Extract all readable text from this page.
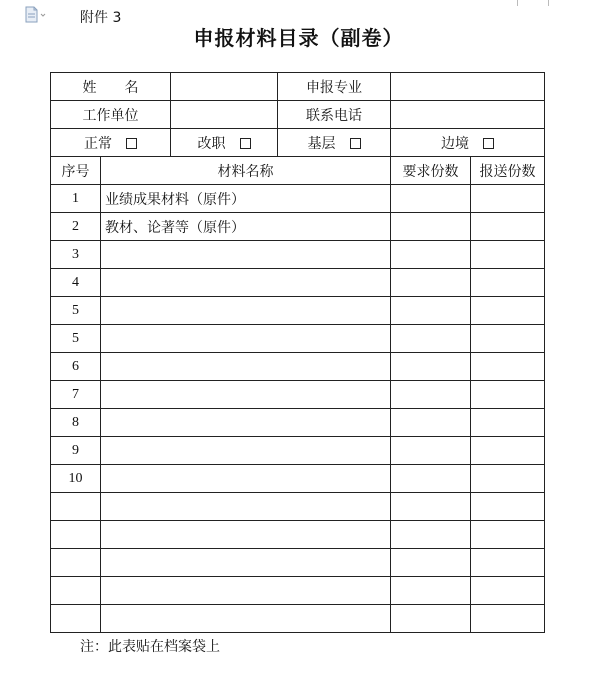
附件 3
申报材料目录（副卷）
姓　　名			申报专业		
工作单位			联系电话		
正常		改职	基层	边境	
序号	材料名称			要求份数	报送份数
1	业绩成果材料（原件）				
2	教材、论著等（原件）				
3					
4					
5					
5					
6					
7					
8					
9					
10					

注：此表贴在档案袋上
